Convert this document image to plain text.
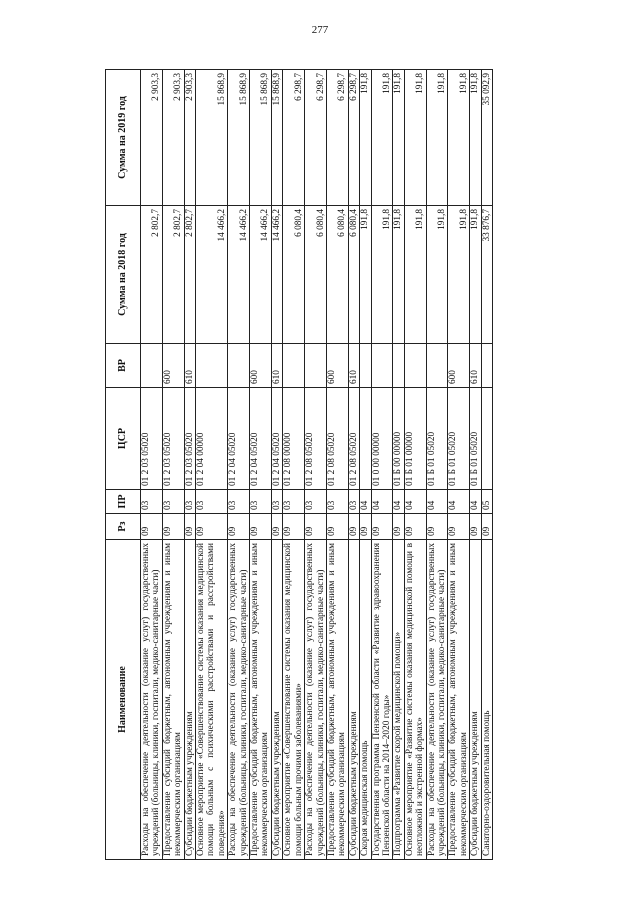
277
Наименование	Рз	ПР	ЦСР	ВР	Сумма на 2018 год	Сумма на 2019 год
Расходы на обеспечение деятельности (оказание услуг) государственных учреждений (больницы, клиники, госпитали, медико-санитарные части)	09	03	01 2 03 05020		2 802,7	2 903,3
Предоставление субсидий бюджетным, автономным учреждениям и иным некоммерческим организациям	09	03	01 2 03 05020	600	2 802,7	2 903,3
Субсидии бюджетным учреждениям	09	03	01 2 03 05020	610	2 802,7	2 903,3
Основное мероприятие «Совершенствование системы оказания медицинской помощи больным с психическими расстройствами и расстройствами поведения»	09	03	01 2 04 00000		14 466,2	15 868,9
Расходы на обеспечение деятельности (оказание услуг) государственных учреждений (больницы, клиники, госпитали, медико-санитарные части)	09	03	01 2 04 05020		14 466,2	15 868,9
Предоставление субсидий бюджетным, автономным учреждениям и иным некоммерческим организациям	09	03	01 2 04 05020	600	14 466,2	15 868,9
Субсидии бюджетным учреждениям	09	03	01 2 04 05020	610	14 466,2	15 868,9
Основное мероприятие «Совершенствование системы оказания медицинской помощи больным прочими заболеваниями»	09	03	01 2 08 00000		6 080,4	6 298,7
Расходы на обеспечение деятельности (оказание услуг) государственных учреждений (больницы, клиники, госпитали, медико-санитарные части)	09	03	01 2 08 05020		6 080,4	6 298,7
Предоставление субсидий бюджетным, автономным учреждениям и иным некоммерческим организациям	09	03	01 2 08 05020	600	6 080,4	6 298,7
Субсидии бюджетным учреждениям	09	03	01 2 08 05020	610	6 080,4	6 298,7
Скорая медицинская помощь	09	04			191,8	191,8
Государственная программа Пензенской области «Развитие здравоохранения Пензенской области на 2014–2020 годы»	09	04	01 0 00 00000		191,8	191,8
Подпрограмма «Развитие скорой медицинской помощи»	09	04	01 Б 00 00000		191,8	191,8
Основное мероприятие «Развитие системы оказания медицинской помощи в неотложной и экстренной формах»	09	04	01 Б 01 00000		191,8	191,8
Расходы на обеспечение деятельности (оказание услуг) государственных учреждений (больницы, клиники, госпитали, медико-санитарные части)	09	04	01 Б 01 05020		191,8	191,8
Предоставление субсидий бюджетным, автономным учреждениям и иным некоммерческим организациям	09	04	01 Б 01 05020	600	191,8	191,8
Субсидии бюджетным учреждениям	09	04	01 Б 01 05020	610	191,8	191,8
Санаторно-оздоровительная помощь	09	05			33 876,7	35 092,9
